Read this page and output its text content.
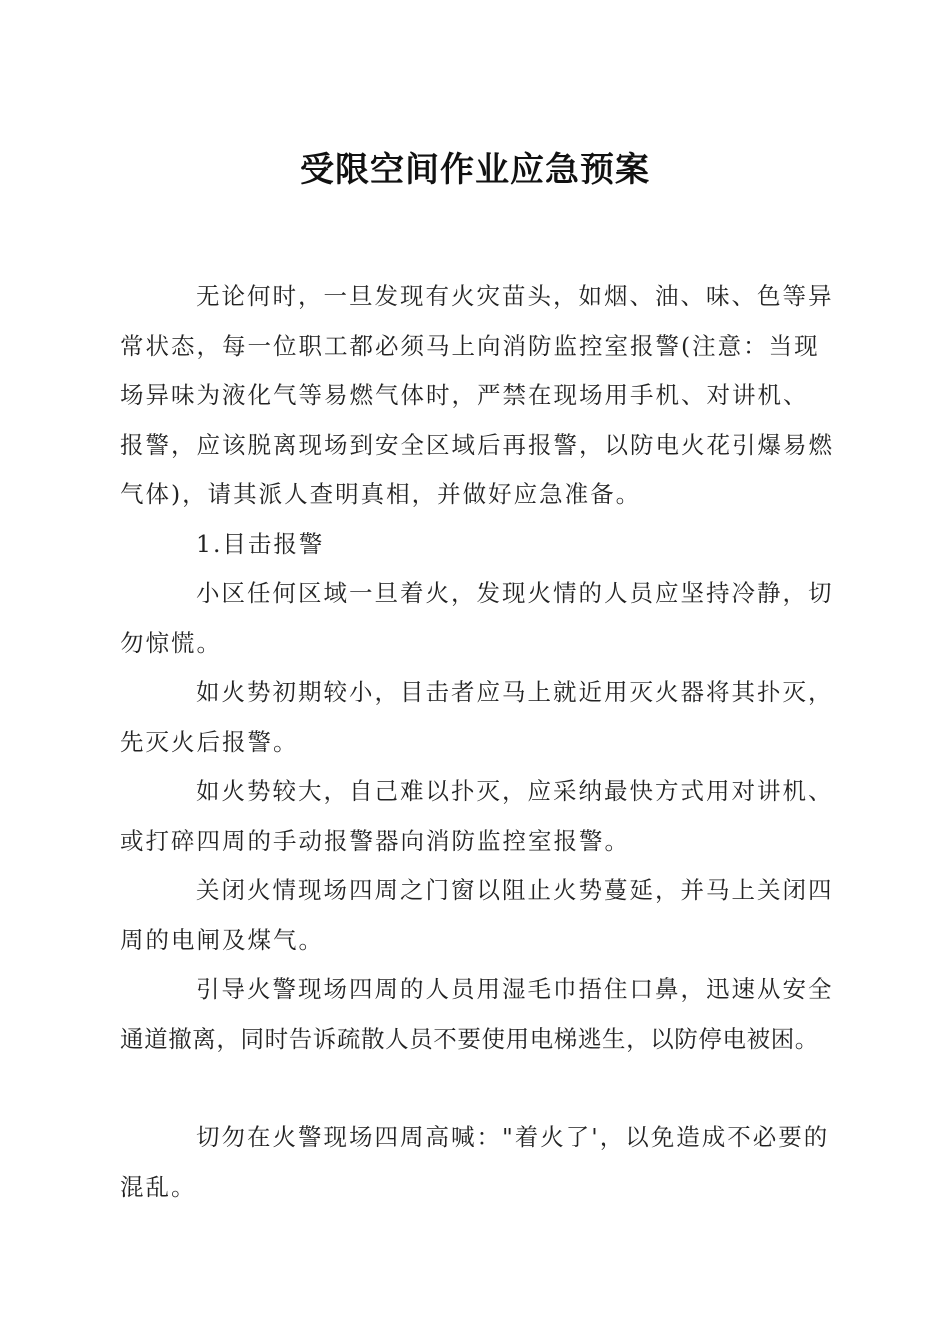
受限空间作业应急预案

无论何时，一旦发现有火灾苗头，如烟、油、味、色等异
常状态，每一位职工都必须马上向消防监控室报警(注意：当现
场异味为液化气等易燃气体时，严禁在现场用手机、对讲机、
报警，应该脱离现场到安全区域后再报警，以防电火花引爆易燃
气体)，请其派人查明真相，并做好应急准备。

1.目击报警

小区任何区域一旦着火，发现火情的人员应坚持冷静，切
勿惊慌。

如火势初期较小，目击者应马上就近用灭火器将其扑灭，
先灭火后报警。

如火势较大，自己难以扑灭，应采纳最快方式用对讲机、
或打碎四周的手动报警器向消防监控室报警。

关闭火情现场四周之门窗以阻止火势蔓延，并马上关闭四
周的电闸及煤气。

引导火警现场四周的人员用湿毛巾捂住口鼻，迅速从安全
通道撤离，同时告诉疏散人员不要使用电梯逃生，以防停电被困。

切勿在火警现场四周高喊："着火了'，以免造成不必要的
混乱。
